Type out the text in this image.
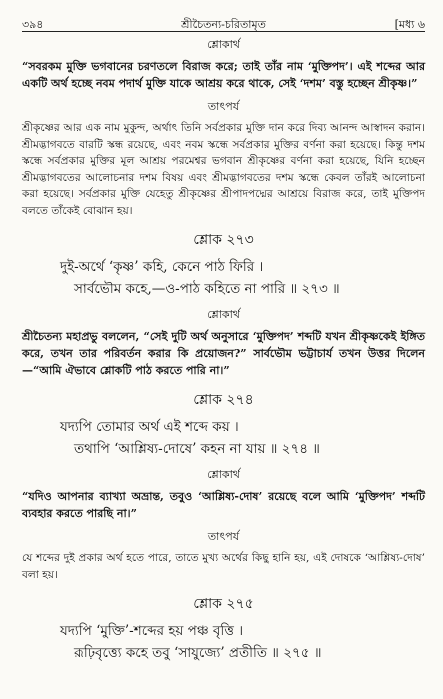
৩৯৪	শ্রীচৈতন্য-চরিতামৃত	[মধ্য ৬
শ্লোকার্থ

“সবরকম মুক্তি ভগবানের চরণতলে বিরাজ করে; তাই তাঁর নাম ‘মুক্তিপদ’। এই শব্দের আর একটি অর্থ হচ্ছে নবম পদার্থ মুক্তি যাকে আশ্রয় করে থাকে, সেই ‘দশম’ বস্তু হচ্ছেন শ্রীকৃষ্ণ।”

তাৎপর্য

শ্রীকৃষ্ণের আর এক নাম মুকুন্দ, অর্থাৎ তিনি সর্বপ্রকার মুক্তি দান করে দিব্য আনন্দ আস্বাদন করান। শ্রীমদ্ভাগবতে বারটি স্কন্ধ রয়েছে, এবং নবম স্কন্ধে সর্বপ্রকার মুক্তির বর্ণনা করা হয়েছে। কিন্তু দশম স্কন্ধে সর্বপ্রকার মুক্তির মূল আশ্রয় পরমেশ্বর ভগবান শ্রীকৃষ্ণের বর্ণনা করা হয়েছে, যিনি হচ্ছেন শ্রীমদ্ভাগবতের আলোচনার দশম বিষয় এবং শ্রীমদ্ভাগবতের দশম স্কন্ধে কেবল তাঁরই আলোচনা করা হয়েছে। সর্বপ্রকার মুক্তি যেহেতু শ্রীকৃষ্ণের শ্রীপাদপদ্মের আশ্রয়ে বিরাজ করে, তাই মুক্তিপদ বলতে তাঁকেই বোঝান হয়।

শ্লোক ২৭৩
দুই-অর্থে ‘কৃষ্ণ’ কহি, কেনে পাঠ ফিরি ।
সার্বভৌম কহে,—ও-পাঠ কহিতে না পারি ॥ ২৭৩ ॥
শ্লোকার্থ

শ্রীচৈতন্য মহাপ্রভু বললেন, “সেই দুটি অর্থ অনুসারে ‘মুক্তিপদ’ শব্দটি যখন শ্রীকৃষ্ণকেই ইঙ্গিত করে, তখন তার পরিবর্তন করার কি প্রয়োজন?” সার্বভৌম ভট্টাচার্য তখন উত্তর দিলেন—“আমি ঐভাবে শ্লোকটি পাঠ করতে পারি না।”

শ্লোক ২৭৪
যদ্যপি তোমার অর্থ এই শব্দে কয় ।
তথাপি ‘আশ্লিষ্য-দোষে’ কহন না যায় ॥ ২৭৪ ॥
শ্লোকার্থ

“যদিও আপনার ব্যাখ্যা অভ্রান্ত, তবুও ‘আশ্লিষ্য-দোষ’ রয়েছে বলে আমি ‘মুক্তিপদ’ শব্দটি ব্যবহার করতে পারছি না।”

তাৎপর্য

যে শব্দের দুই প্রকার অর্থ হতে পারে, তাতে মুখ্য অর্থের কিছু হানি হয়, এই দোষকে ‘আশ্লিষ্য-দোষ’ বলা হয়।

শ্লোক ২৭৫
যদ্যপি ‘মুক্তি’-শব্দের হয় পঞ্চ বৃত্তি ।
রূঢ়িবৃত্ত্যে কহে তবু ‘সাযুজ্যে’ প্রতীতি ॥ ২৭৫ ॥
